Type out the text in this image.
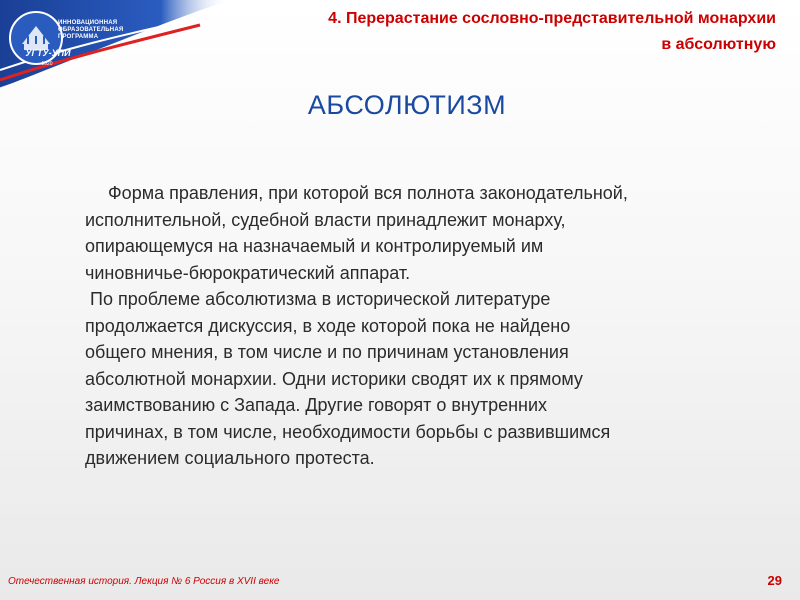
ИННОВАЦИОННАЯ
ОБРАЗОВАТЕЛЬНАЯ
ПРОГРАММА
УГТУ-УПИ
1920
4. Перерастание сословно-представительной монархии
в абсолютную
АБСОЛЮТИЗМ

Форма правления, при которой вся полнота законодательной,
исполнительной, судебной власти принадлежит монарху,
опирающемуся на назначаемый и контролируемый им
чиновничье-бюрократический аппарат.

По проблеме абсолютизма в исторической литературе
продолжается дискуссия, в ходе которой пока не найдено
общего мнения, в том числе и по причинам установления
абсолютной монархии. Одни историки сводят их к прямому
заимствованию с Запада. Другие говорят о внутренних
причинах, в том числе, необходимости борьбы с развившимся
движением социального протеста.

Отечественная история. Лекция № 6 Россия в XVII веке	29
